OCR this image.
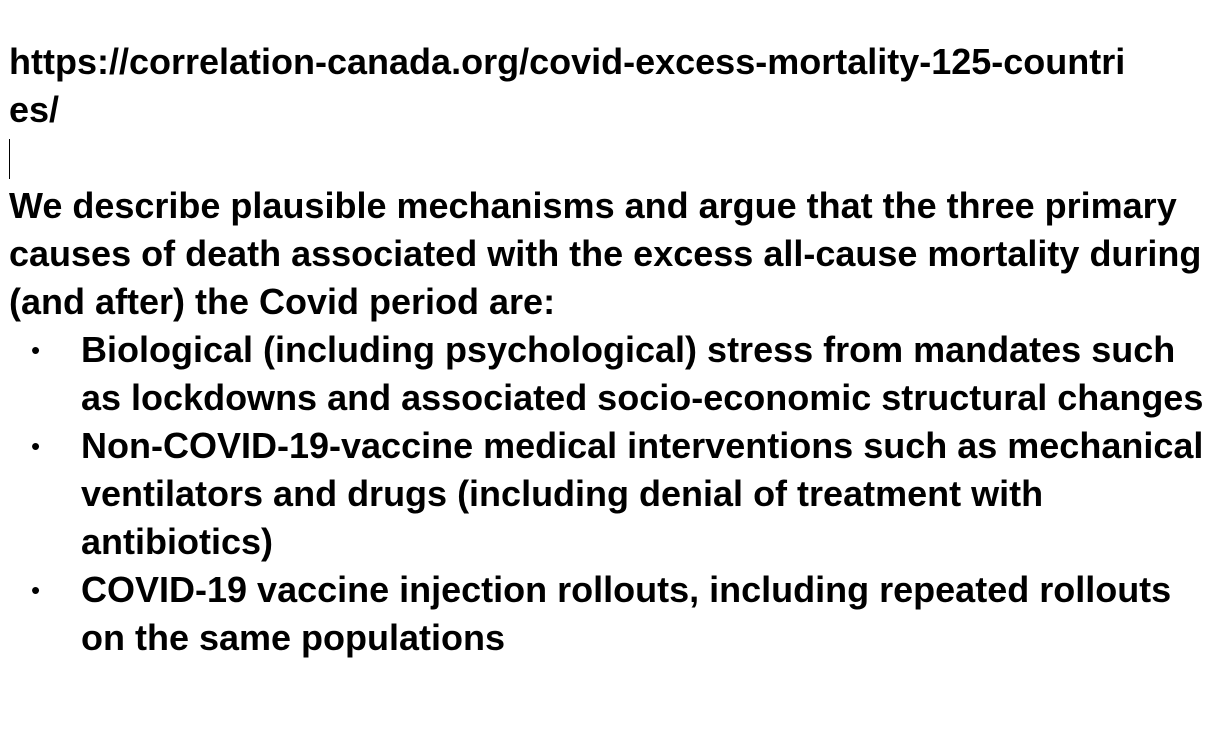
https://correlation-canada.org/covid-excess-mortality-125-countries/

We describe plausible mechanisms and argue that the three primary causes of death associated with the excess all-cause mortality during (and after) the Covid period are:

• Biological (including psychological) stress from mandates such as lockdowns and associated socio-economic structural changes
• Non-COVID-19-vaccine medical interventions such as mechanical ventilators and drugs (including denial of treatment with antibiotics)
• COVID-19 vaccine injection rollouts, including repeated rollouts on the same populations
